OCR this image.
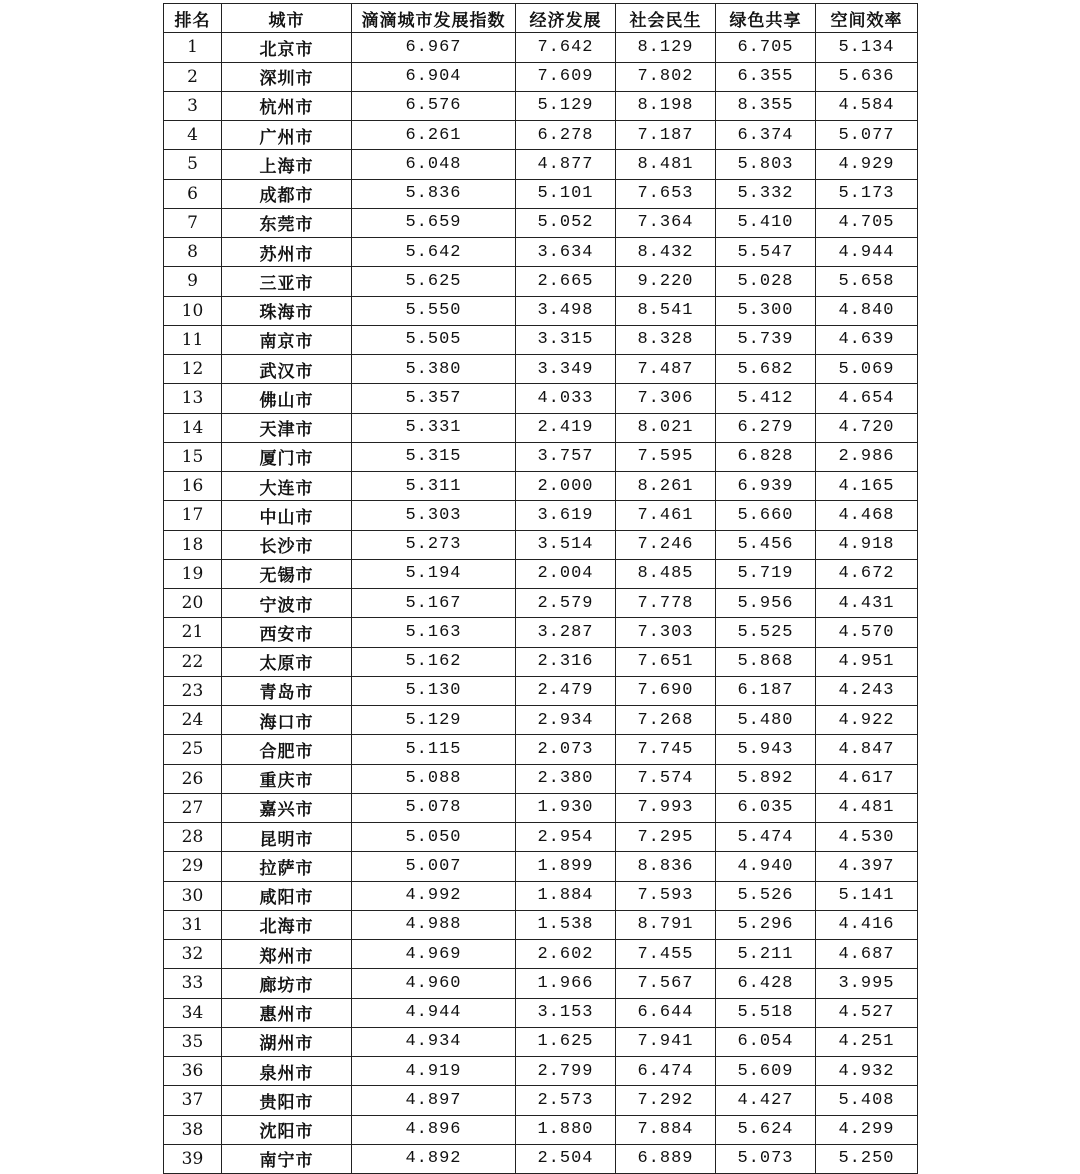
排名	城市	滴滴城市发展指数	经济发展	社会民生	绿色共享	空间效率
1	北京市	6.967	7.642	8.129	6.705	5.134
2	深圳市	6.904	7.609	7.802	6.355	5.636
3	杭州市	6.576	5.129	8.198	8.355	4.584
4	广州市	6.261	6.278	7.187	6.374	5.077
5	上海市	6.048	4.877	8.481	5.803	4.929
6	成都市	5.836	5.101	7.653	5.332	5.173
7	东莞市	5.659	5.052	7.364	5.410	4.705
8	苏州市	5.642	3.634	8.432	5.547	4.944
9	三亚市	5.625	2.665	9.220	5.028	5.658
10	珠海市	5.550	3.498	8.541	5.300	4.840
11	南京市	5.505	3.315	8.328	5.739	4.639
12	武汉市	5.380	3.349	7.487	5.682	5.069
13	佛山市	5.357	4.033	7.306	5.412	4.654
14	天津市	5.331	2.419	8.021	6.279	4.720
15	厦门市	5.315	3.757	7.595	6.828	2.986
16	大连市	5.311	2.000	8.261	6.939	4.165
17	中山市	5.303	3.619	7.461	5.660	4.468
18	长沙市	5.273	3.514	7.246	5.456	4.918
19	无锡市	5.194	2.004	8.485	5.719	4.672
20	宁波市	5.167	2.579	7.778	5.956	4.431
21	西安市	5.163	3.287	7.303	5.525	4.570
22	太原市	5.162	2.316	7.651	5.868	4.951
23	青岛市	5.130	2.479	7.690	6.187	4.243
24	海口市	5.129	2.934	7.268	5.480	4.922
25	合肥市	5.115	2.073	7.745	5.943	4.847
26	重庆市	5.088	2.380	7.574	5.892	4.617
27	嘉兴市	5.078	1.930	7.993	6.035	4.481
28	昆明市	5.050	2.954	7.295	5.474	4.530
29	拉萨市	5.007	1.899	8.836	4.940	4.397
30	咸阳市	4.992	1.884	7.593	5.526	5.141
31	北海市	4.988	1.538	8.791	5.296	4.416
32	郑州市	4.969	2.602	7.455	5.211	4.687
33	廊坊市	4.960	1.966	7.567	6.428	3.995
34	惠州市	4.944	3.153	6.644	5.518	4.527
35	湖州市	4.934	1.625	7.941	6.054	4.251
36	泉州市	4.919	2.799	6.474	5.609	4.932
37	贵阳市	4.897	2.573	7.292	4.427	5.408
38	沈阳市	4.896	1.880	7.884	5.624	4.299
39	南宁市	4.892	2.504	6.889	5.073	5.250
